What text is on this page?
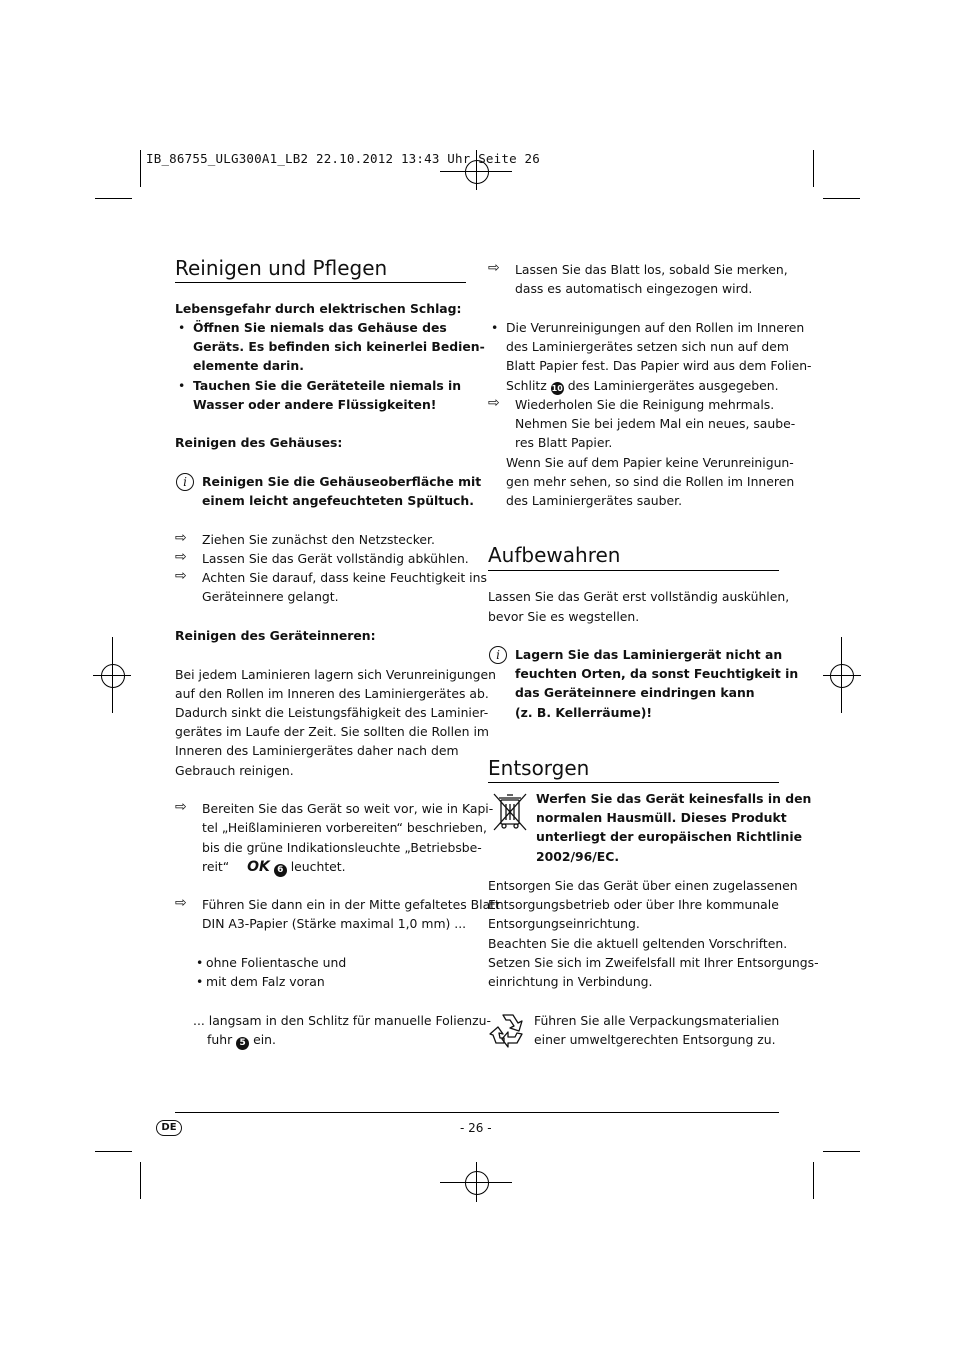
IB_86755_ULG300A1_LB2 22.10.2012 13:43 Uhr Seite 26
Reinigen und Pflegen
Lebensgefahr durch elektrischen Schlag:
• Öffnen Sie niemals das Gehäuse des
Geräts. Es befinden sich keinerlei Bedien-
elemente darin.
• Tauchen Sie die Geräteteile niemals in
Wasser oder andere Flüssigkeiten!
Reinigen des Gehäuses:
i	Reinigen Sie die Gehäuseoberfläche mit
einem leicht angefeuchteten Spültuch.
⇨ Ziehen Sie zunächst den Netzstecker.
⇨ Lassen Sie das Gerät vollständig abkühlen.
⇨ Achten Sie darauf, dass keine Feuchtigkeit ins
Geräteinnere gelangt.
Reinigen des Geräteinneren:
Bei jedem Laminieren lagern sich Verunreinigungen
auf den Rollen im Inneren des Laminiergerätes ab.
Dadurch sinkt die Leistungsfähigkeit des Laminier-
gerätes im Laufe der Zeit. Sie sollten die Rollen im
Inneren des Laminiergerätes daher nach dem
Gebrauch reinigen.
⇨ Bereiten Sie das Gerät so weit vor, wie in Kapi-
tel „Heißlaminieren vorbereiten“ beschrieben,
bis die grüne Indikationsleuchte „Betriebsbe-
reit“ OK 6 leuchtet.
⇨ Führen Sie dann ein in der Mitte gefaltetes Blatt
DIN A3-Papier (Stärke maximal 1,0 mm) ...
• ohne Folientasche und
• mit dem Falz voran
... langsam in den Schlitz für manuelle Folienzu-
fuhr 5 ein.
⇨ Lassen Sie das Blatt los, sobald Sie merken,
dass es automatisch eingezogen wird.
• Die Verunreinigungen auf den Rollen im Inneren
des Laminiergerätes setzen sich nun auf dem
Blatt Papier fest. Das Papier wird aus dem Folien-
Schlitz 10 des Laminiergerätes ausgegeben.
⇨ Wiederholen Sie die Reinigung mehrmals.
Nehmen Sie bei jedem Mal ein neues, saube-
res Blatt Papier.
Wenn Sie auf dem Papier keine Verunreinigun-
gen mehr sehen, so sind die Rollen im Inneren
des Laminiergerätes sauber.
Aufbewahren
Lassen Sie das Gerät erst vollständig auskühlen,
bevor Sie es wegstellen.
i	Lagern Sie das Laminiergerät nicht an
feuchten Orten, da sonst Feuchtigkeit in
das Geräteinnere eindringen kann
(z. B. Kellerräume)!
Entsorgen
Werfen Sie das Gerät keinesfalls in den
normalen Hausmüll. Dieses Produkt
unterliegt der europäischen Richtlinie
2002/96/EC.
Entsorgen Sie das Gerät über einen zugelassenen
Entsorgungsbetrieb oder über Ihre kommunale
Entsorgungseinrichtung.
Beachten Sie die aktuell geltenden Vorschriften.
Setzen Sie sich im Zweifelsfall mit Ihrer Entsorgungs-
einrichtung in Verbindung.
Führen Sie alle Verpackungsmaterialien
einer umweltgerechten Entsorgung zu.
DE	- 26 -
